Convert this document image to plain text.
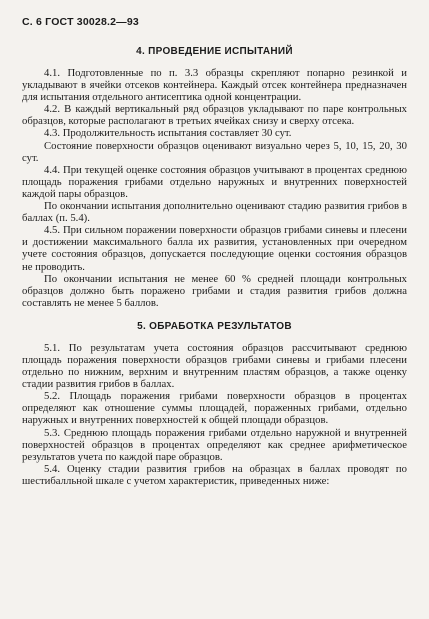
С. 6 ГОСТ 30028.2—93
4. ПРОВЕДЕНИЕ ИСПЫТАНИЙ

4.1. Подготовленные по п. 3.3 образцы скрепляют попарно резинкой и укладывают в ячейки отсеков контейнера. Каждый отсек контейнера предназначен для испытания отдельного антисептика одной концентрации.

4.2. В каждый вертикальный ряд образцов укладывают по паре контрольных образцов, которые располагают в третьих ячейках снизу и сверху отсека.

4.3. Продолжительность испытания составляет 30 сут.

Состояние поверхности образцов оценивают визуально через 5, 10, 15, 20, 30 сут.

4.4. При текущей оценке состояния образцов учитывают в процентах среднюю площадь поражения грибами отдельно наружных и внутренних поверхностей каждой пары образцов.

По окончании испытания дополнительно оценивают стадию развития грибов в баллах (п. 5.4).

4.5. При сильном поражении поверхности образцов грибами синевы и плесени и достижении максимального балла их развития, установленных при очередном учете состояния образцов, допускается последующие оценки состояния образцов не проводить.

По окончании испытания не менее 60 % средней площади контрольных образцов должно быть поражено грибами и стадия развития грибов должна составлять не менее 5 баллов.

5. ОБРАБОТКА РЕЗУЛЬТАТОВ

5.1. По результатам учета состояния образцов рассчитывают среднюю площадь поражения поверхности образцов грибами синевы и грибами плесени отдельно по нижним, верхним и внутренним пластям образцов, а также оценку стадии развития грибов в баллах.

5.2. Площадь поражения грибами поверхности образцов в процентах определяют как отношение суммы площадей, пораженных грибами, отдельно наружных и внутренних поверхностей к общей площади образцов.

5.3. Среднюю площадь поражения грибами отдельно наружной и внутренней поверхностей образцов в процентах определяют как среднее арифметическое результатов учета по каждой паре образцов.

5.4. Оценку стадии развития грибов на образцах в баллах проводят по шестибалльной шкале с учетом характеристик, приведенных ниже:
